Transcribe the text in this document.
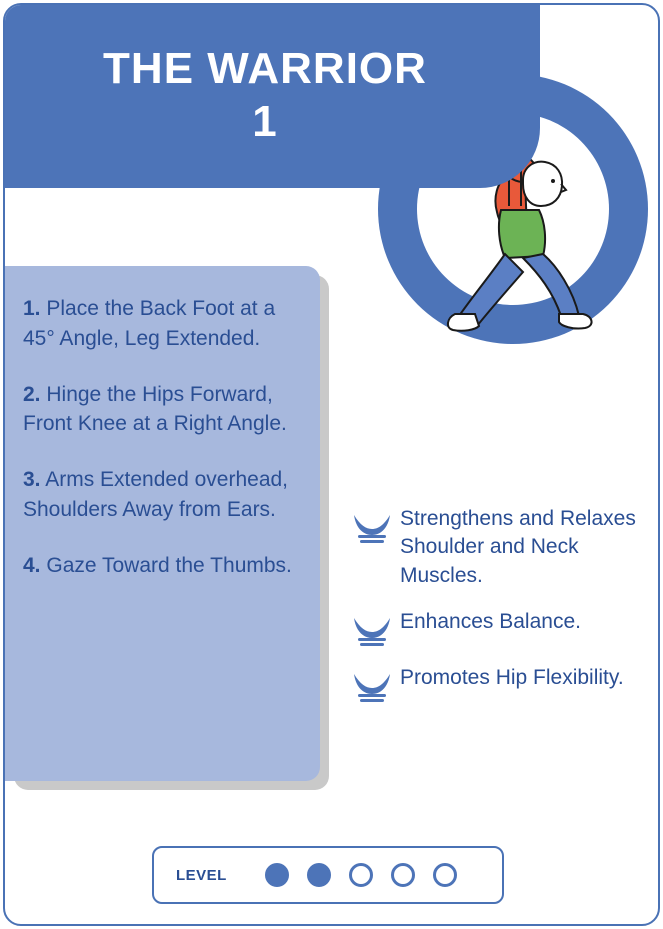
THE WARRIOR
1
1. Place the Back Foot at a 45° Angle, Leg Extended.
2. Hinge the Hips Forward, Front Knee at a Right Angle.
3. Arms Extended overhead, Shoulders Away from Ears.
4. Gaze Toward the Thumbs.
Strengthens and Relaxes Shoulder and Neck Muscles.
Enhances Balance.
Promotes Hip Flexibility.
LEVEL
